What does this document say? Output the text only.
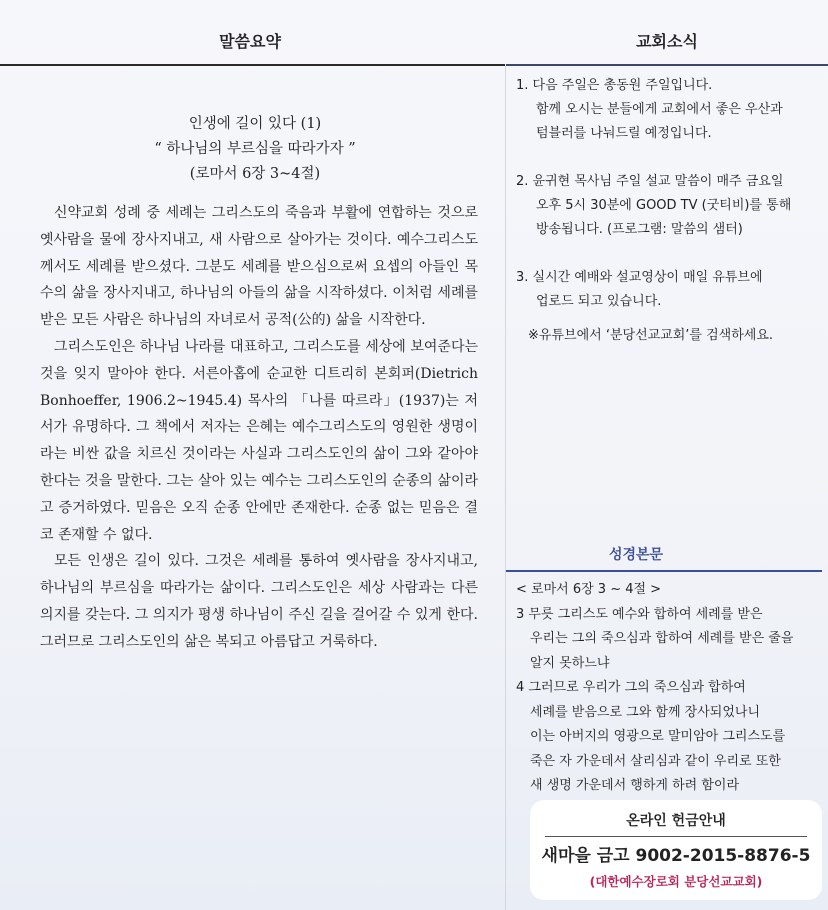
말씀요약
인생에 길이 있다 (1)
“ 하나님의 부르심을 따라가자 ”
(로마서 6장 3~4절)

신약교회 성례 중 세례는 그리스도의 죽음과 부활에 연합하는 것으로 옛사람을 물에 장사지내고, 새 사람으로 살아가는 것이다. 예수그리스도께서도 세례를 받으셨다. 그분도 세례를 받으심으로써 요셉의 아들인 목수의 삶을 장사지내고, 하나님의 아들의 삶을 시작하셨다. 이처럼 세례를 받은 모든 사람은 하나님의 자녀로서 공적(公的) 삶을 시작한다.

그리스도인은 하나님 나라를 대표하고, 그리스도를 세상에 보여준다는 것을 잊지 말아야 한다. 서른아홉에 순교한 디트리히 본회퍼(Dietrich Bonhoeffer, 1906.2~1945.4) 목사의 「나를 따르라」(1937)는 저서가 유명하다. 그 책에서 저자는 은혜는 예수그리스도의 영원한 생명이라는 비싼 값을 치르신 것이라는 사실과 그리스도인의 삶이 그와 같아야 한다는 것을 말한다. 그는 살아 있는 예수는 그리스도인의 순종의 삶이라고 증거하였다. 믿음은 오직 순종 안에만 존재한다. 순종 없는 믿음은 결코 존재할 수 없다.

모든 인생은 길이 있다. 그것은 세례를 통하여 옛사람을 장사지내고, 하나님의 부르심을 따라가는 삶이다. 그리스도인은 세상 사람과는 다른 의지를 갖는다. 그 의지가 평생 하나님이 주신 길을 걸어갈 수 있게 한다. 그러므로 그리스도인의 삶은 복되고 아름답고 거룩하다.

교회소식
1. 다음 주일은 총동원 주일입니다.
함께 오시는 분들에게 교회에서 좋은 우산과
텀블러를 나눠드릴 예정입니다.
2. 윤귀현 목사님 주일 설교 말씀이 매주 금요일
오후 5시 30분에 GOOD TV (굿티비)를 통해
방송됩니다. (프로그램: 말씀의 샘터)
3. 실시간 예배와 설교영상이 매일 유튜브에
업로드 되고 있습니다.
※유튜브에서 ‘분당선교교회’를 검색하세요.
성경본문
< 로마서 6장 3 ~ 4절 >
3 무릇 그리스도 예수와 합하여 세례를 받은
우리는 그의 죽으심과 합하여 세례를 받은 줄을
알지 못하느냐
4 그러므로 우리가 그의 죽으심과 합하여
세례를 받음으로 그와 함께 장사되었나니
이는 아버지의 영광으로 말미암아 그리스도를
죽은 자 가운데서 살리심과 같이 우리로 또한
새 생명 가운데서 행하게 하려 함이라
온라인 헌금안내
새마을 금고 9002-2015-8876-5
(대한예수장로회 분당선교교회)
